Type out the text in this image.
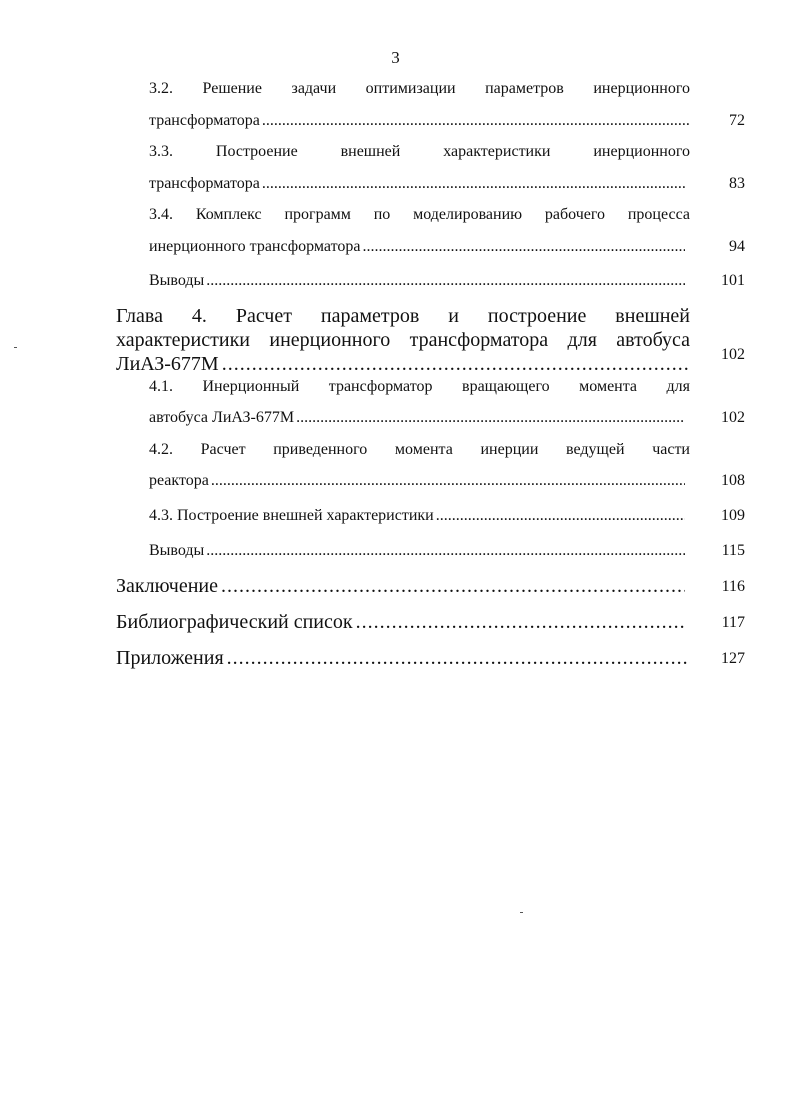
3
3.2. Решение задачи оптимизации параметров инерционного
трансформатора . . .	72
3.3. Построение внешней характеристики инерционного
трансформатора . . .	83
3.4. Комплекс программ по моделированию рабочего процесса
инерционного трансформатора . . .	94
Выводы . . .	101
Глава 4. Расчет параметров и построение внешней
характеристики инерционного трансформатора для автобуса
ЛиАЗ-677М . . .	102
4.1. Инерционный трансформатор вращающего момента для
автобуса ЛиАЗ-677М . . .	102
4.2. Расчет приведенного момента инерции ведущей части
реактора . . .	108
4.3. Построение внешней характеристики . . .	109
Выводы . . .	115
Заключение . . .	116
Библиографический список . . .	117
Приложения . . .	127
